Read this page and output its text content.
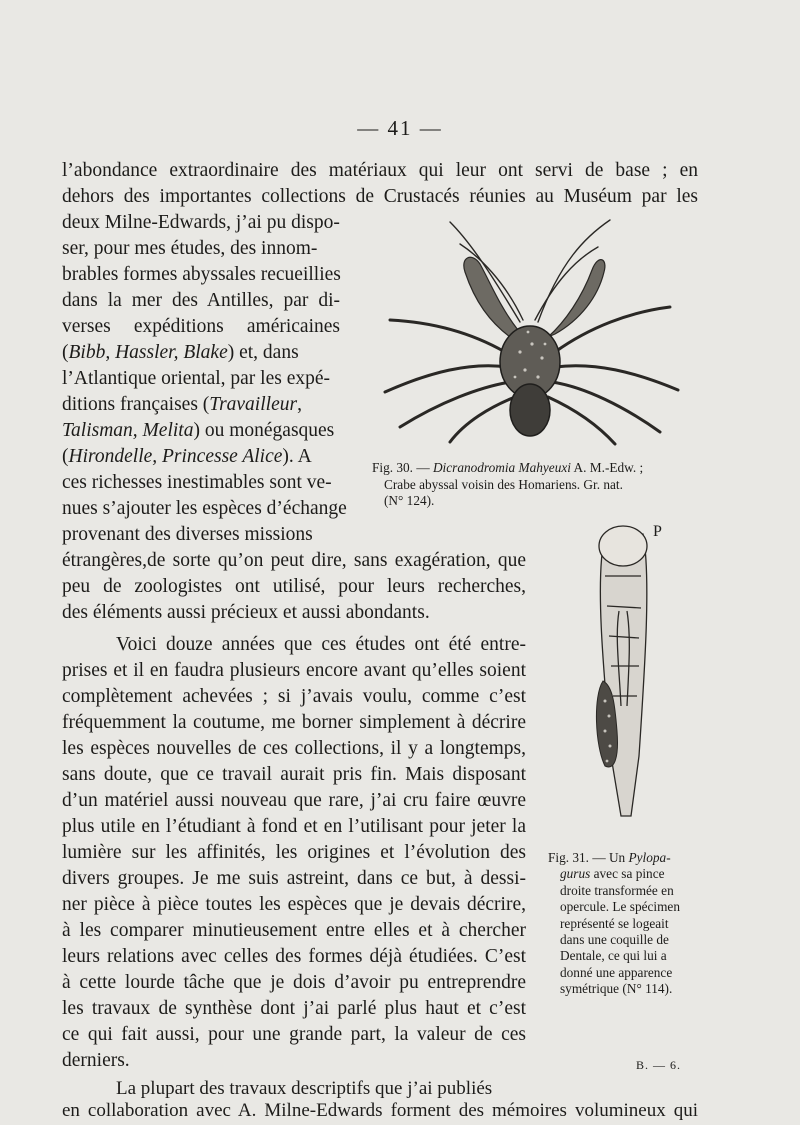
— 41 —
l’abondance extraordinaire des matériaux qui leur ont servi de base ; en
dehors des importantes collections de Crustacés réunies au Muséum par les
deux Milne-Edwards, j’ai pu dispo-
ser, pour mes études, des innom-
brables formes abyssales recueillies
dans la mer des Antilles, par di-
verses expéditions américaines
(Bibb, Hassler, Blake) et, dans
l’Atlantique oriental, par les expé-
ditions françaises (Travailleur,
Talisman, Melita) ou monégasques
(Hirondelle, Princesse Alice). A
ces richesses inestimables sont ve-
nues s’ajouter les espèces d’échange
provenant des diverses missions
étrangères,de sorte qu’on peut dire, sans exagération, que
peu de zoologistes ont utilisé, pour leurs recherches,
des éléments aussi précieux et aussi abondants.
Voici douze années que ces études ont été entre-
prises et il en faudra plusieurs encore avant qu’elles soient
complètement achevées ; si j’avais voulu, comme c’est
fréquemment la coutume, me borner simplement à décrire
les espèces nouvelles de ces collections, il y a longtemps,
sans doute, que ce travail aurait pris fin. Mais disposant
d’un matériel aussi nouveau que rare, j’ai cru faire œuvre
plus utile en l’étudiant à fond et en l’utilisant pour jeter la
lumière sur les affinités, les origines et l’évolution des
divers groupes. Je me suis astreint, dans ce but, à dessi-
ner pièce à pièce toutes les espèces que je devais décrire,
à les comparer minutieusement entre elles et à chercher
leurs relations avec celles des formes déjà étudiées. C’est
à cette lourde tâche que je dois d’avoir pu entreprendre
les travaux de synthèse dont j’ai parlé plus haut et c’est
ce qui fait aussi, pour une grande part, la valeur de ces
derniers.
La plupart des travaux descriptifs que j’ai publiés
en collaboration avec A. Milne-Edwards forment des mémoires volumineux qui
Fig. 30. — Dicranodromia Mahyeuxi A. M.-Edw. ;
Crabe abyssal voisin des Homariens. Gr. nat.
(N° 124).
P
Fig. 31. — Un Pylopa-
gurus avec sa pince
droite transformée en
opercule. Le spécimen
représenté se logeait
dans une coquille de
Dentale, ce qui lui a
donné une apparence
symétrique (N° 114).
B. — 6.
